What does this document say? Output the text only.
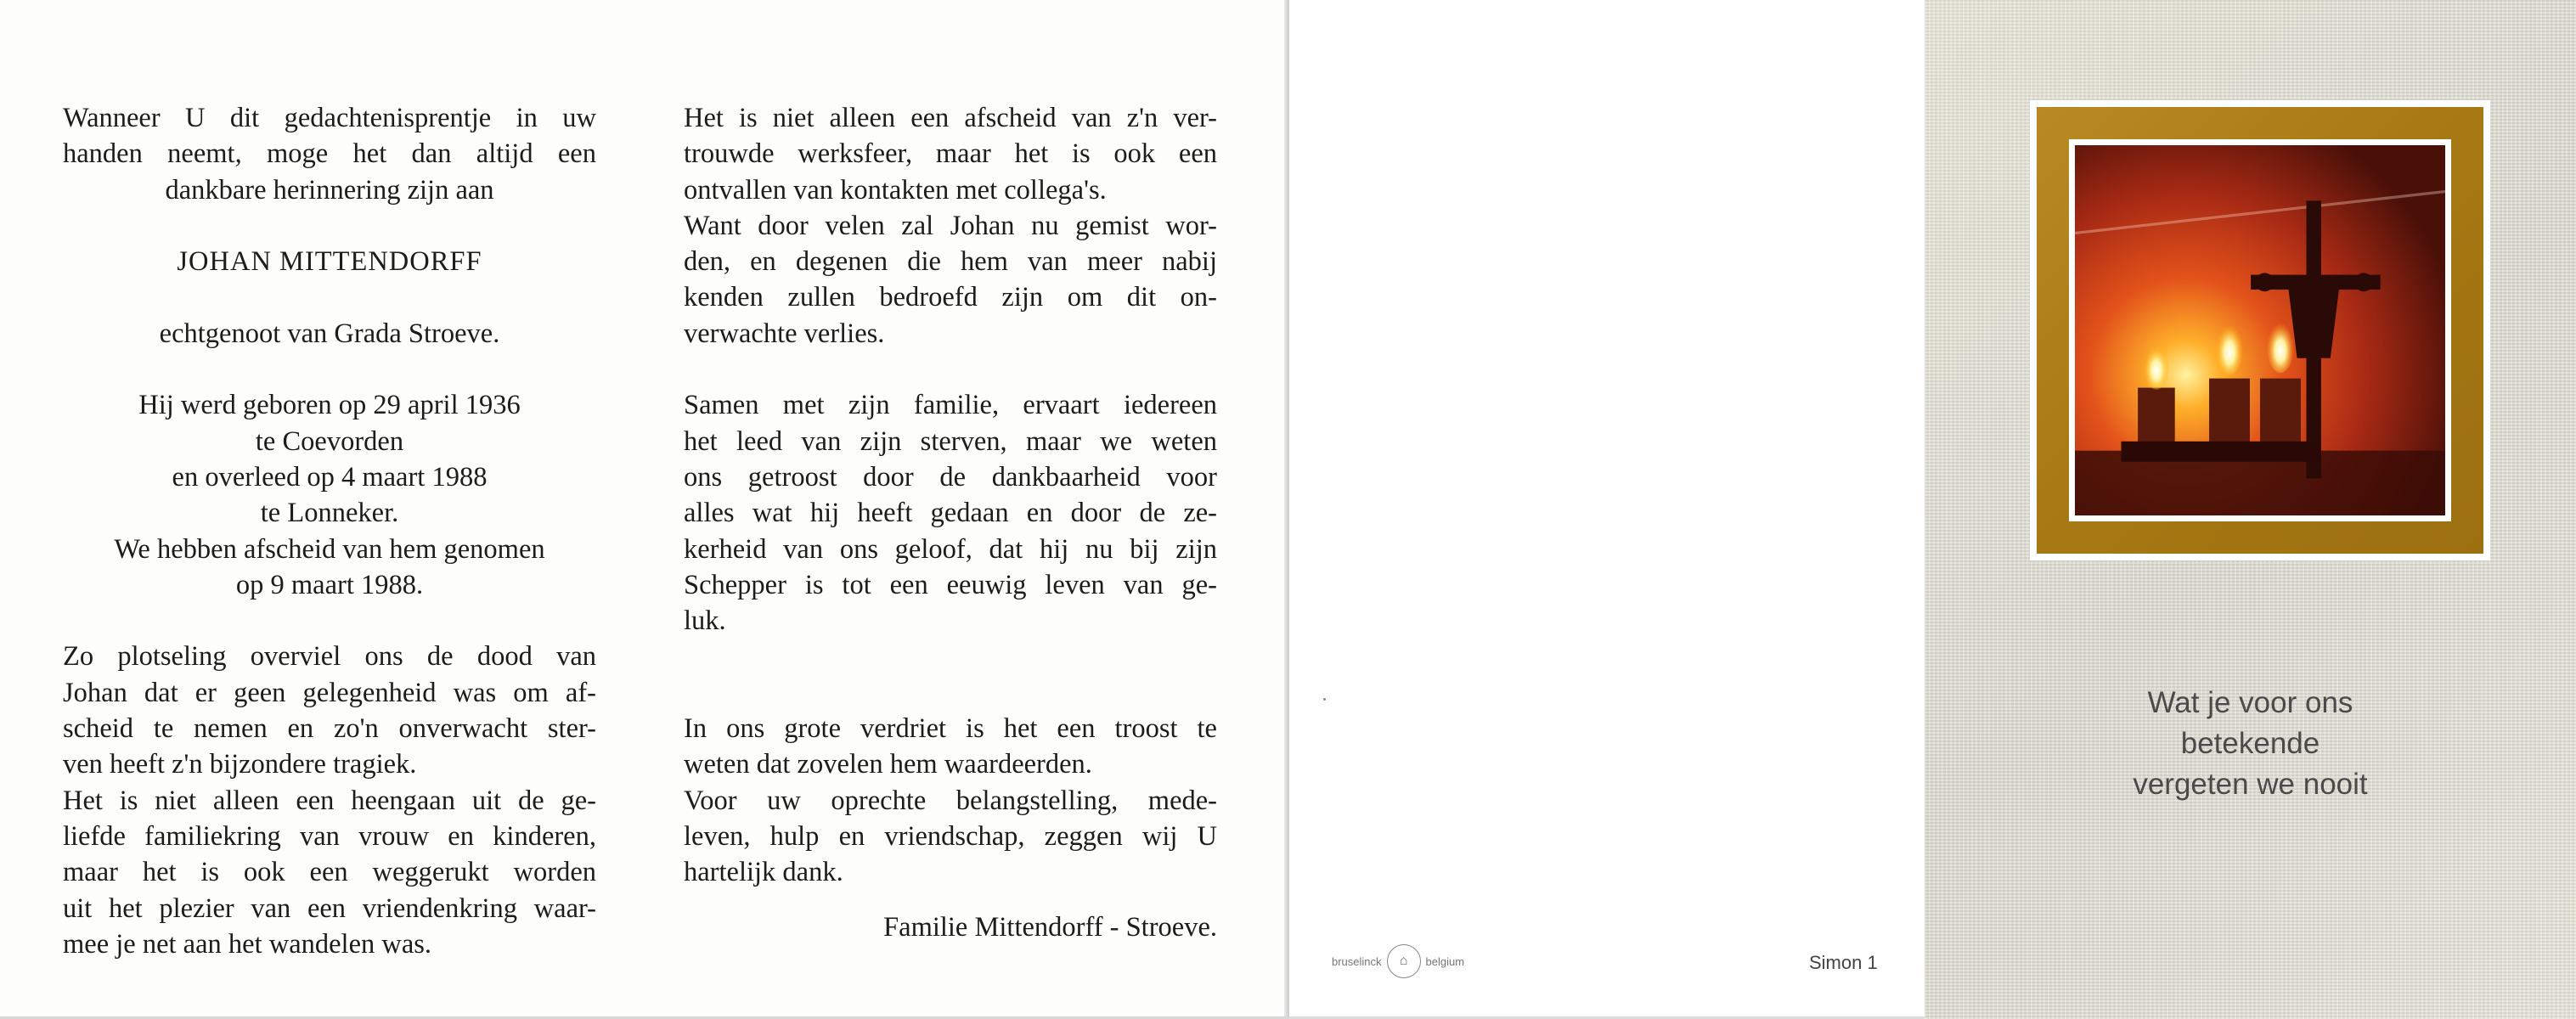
Wanneer U dit gedachtenisprentje in uw
handen neemt, moge het dan altijd een
dankbare herinnering zijn aan
JOHAN MITTENDORFF
echtgenoot van Grada Stroeve.
Hij werd geboren op 29 april 1936
te Coevorden
en overleed op 4 maart 1988
te Lonneker.
We hebben afscheid van hem genomen
op 9 maart 1988.
Zo plotseling overviel ons de dood van
Johan dat er geen gelegenheid was om af-
scheid te nemen en zo'n onverwacht ster-
ven heeft z'n bijzondere tragiek.
Het is niet alleen een heengaan uit de ge-
liefde familiekring van vrouw en kinderen,
maar het is ook een weggerukt worden
uit het plezier van een vriendenkring waar-
mee je net aan het wandelen was.
Het is niet alleen een afscheid van z'n ver-
trouwde werksfeer, maar het is ook een
ontvallen van kontakten met collega's.
Want door velen zal Johan nu gemist wor-
den, en degenen die hem van meer nabij
kenden zullen bedroefd zijn om dit on-
verwachte verlies.
Samen met zijn familie, ervaart iedereen
het leed van zijn sterven, maar we weten
ons getroost door de dankbaarheid voor
alles wat hij heeft gedaan en door de ze-
kerheid van ons geloof, dat hij nu bij zijn
Schepper is tot een eeuwig leven van ge-
luk.
In ons grote verdriet is het een troost te
weten dat zovelen hem waardeerden.
Voor uw oprechte belangstelling, mede-
leven, hulp en vriendschap, zeggen wij U
hartelijk dank.
Familie Mittendorff - Stroeve.
bruselinck	⌂	belgium	Simon 1
Wat je voor ons
betekende
vergeten we nooit
